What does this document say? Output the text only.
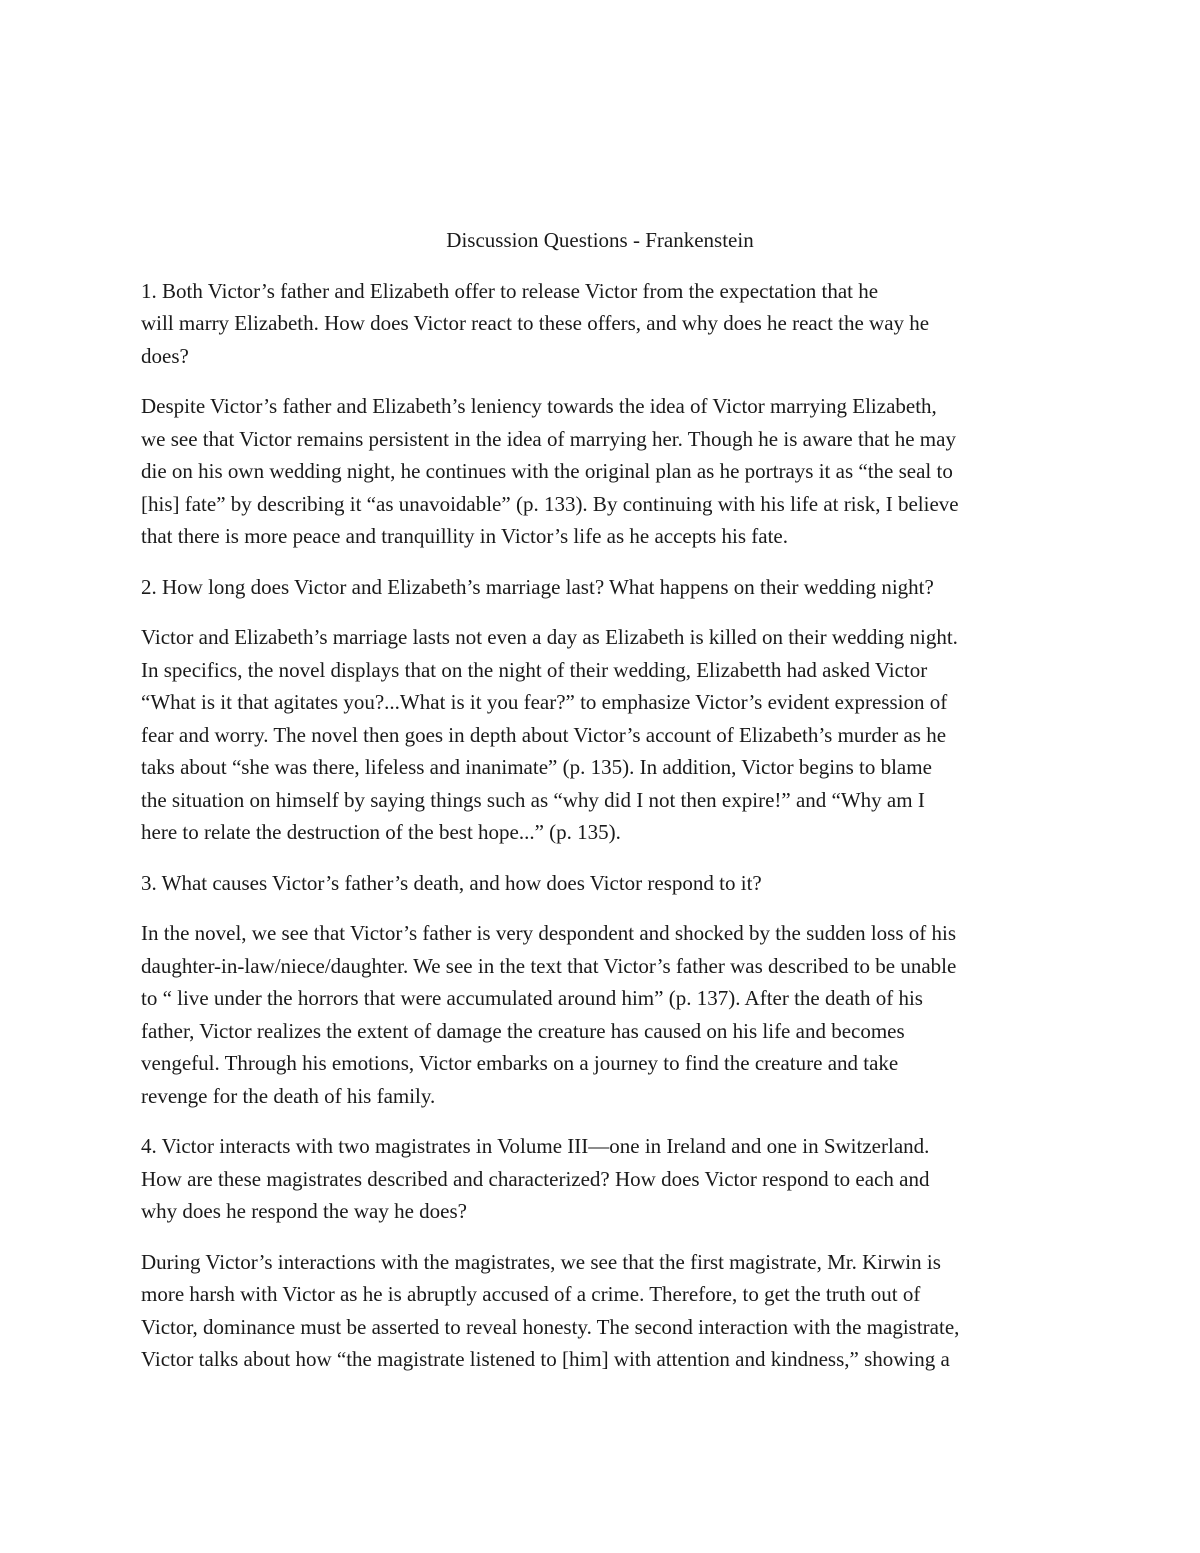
Discussion Questions - Frankenstein
1. Both Victor’s father and Elizabeth offer to release Victor from the expectation that he
will marry Elizabeth. How does Victor react to these offers, and why does he react the way he
does?
Despite Victor’s father and Elizabeth’s leniency towards the idea of Victor marrying Elizabeth,
we see that Victor remains persistent in the idea of marrying her. Though he is aware that he may
die on his own wedding night, he continues with the original plan as he portrays it as “the seal to
[his] fate” by describing it “as unavoidable” (p. 133). By continuing with his life at risk, I believe
that there is more peace and tranquillity in Victor’s life as he accepts his fate.
2. How long does Victor and Elizabeth’s marriage last? What happens on their wedding night?
Victor and Elizabeth’s marriage lasts not even a day as Elizabeth is killed on their wedding night.
In specifics, the novel displays that on the night of their wedding, Elizabetth had asked Victor
“What is it that agitates you?...What is it you fear?” to emphasize Victor’s evident expression of
fear and worry. The novel then goes in depth about Victor’s account of Elizabeth’s murder as he
taks about “she was there, lifeless and inanimate” (p. 135). In addition, Victor begins to blame
the situation on himself by saying things such as “why did I not then expire!” and “Why am I
here to relate the destruction of the best hope...” (p. 135).
3. What causes Victor’s father’s death, and how does Victor respond to it?
In the novel, we see that Victor’s father is very despondent and shocked by the sudden loss of his
daughter-in-law/niece/daughter. We see in the text that Victor’s father was described to be unable
to “ live under the horrors that were accumulated around him” (p. 137). After the death of his
father, Victor realizes the extent of damage the creature has caused on his life and becomes
vengeful. Through his emotions, Victor embarks on a journey to find the creature and take
revenge for the death of his family.
4. Victor interacts with two magistrates in Volume III—one in Ireland and one in Switzerland.
How are these magistrates described and characterized? How does Victor respond to each and
why does he respond the way he does?
During Victor’s interactions with the magistrates, we see that the first magistrate, Mr. Kirwin is
more harsh with Victor as he is abruptly accused of a crime. Therefore, to get the truth out of
Victor, dominance must be asserted to reveal honesty. The second interaction with the magistrate,
Victor talks about how “the magistrate listened to [him] with attention and kindness,” showing a
